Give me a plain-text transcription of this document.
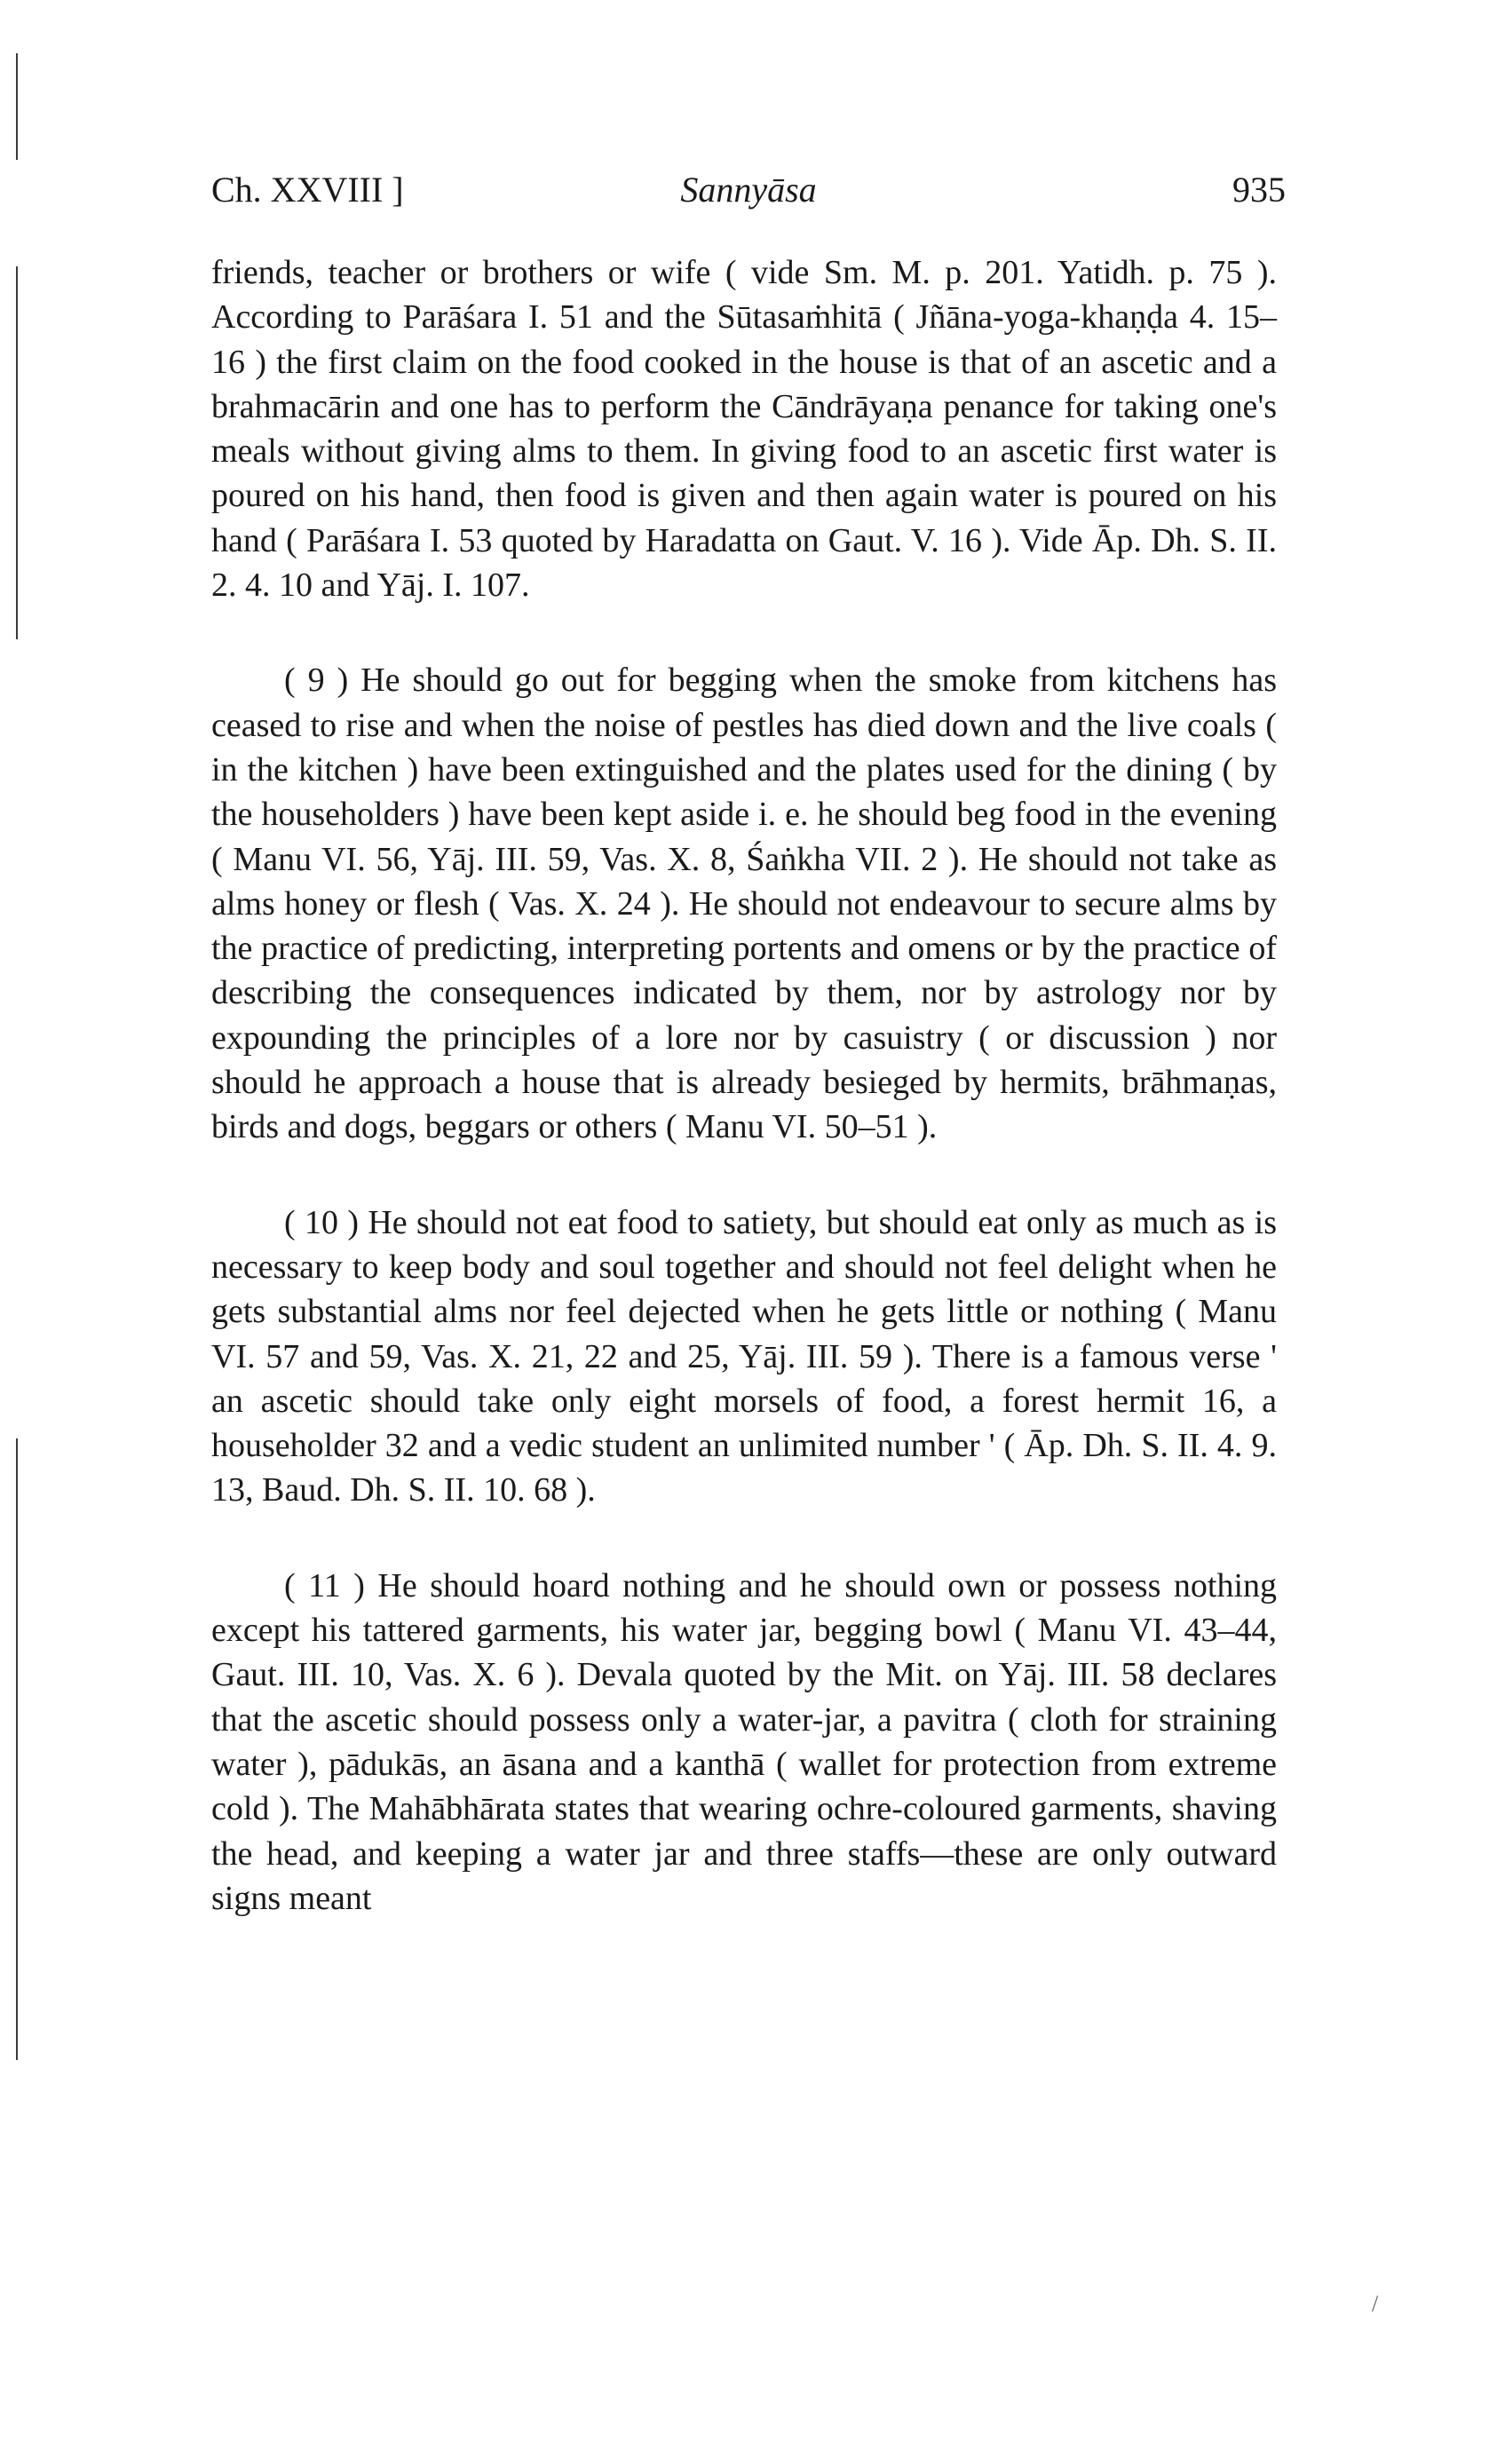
Ch. XXVIII ]	Sannyāsa	935

friends, teacher or brothers or wife ( vide Sm. M. p. 201. Yatidh. p. 75 ). According to Parāśara I. 51 and the Sūtasaṁhitā ( Jñāna-yoga-khaṇḍa 4. 15–16 ) the first claim on the food cooked in the house is that of an ascetic and a brahmacārin and one has to perform the Cāndrāyaṇa penance for taking one's meals without giving alms to them. In giving food to an ascetic first water is poured on his hand, then food is given and then again water is poured on his hand ( Parāśara I. 53 quoted by Haradatta on Gaut. V. 16 ). Vide Āp. Dh. S. II. 2. 4. 10 and Yāj. I. 107.

( 9 ) He should go out for begging when the smoke from kitchens has ceased to rise and when the noise of pestles has died down and the live coals ( in the kitchen ) have been extinguished and the plates used for the dining ( by the householders ) have been kept aside i. e. he should beg food in the evening ( Manu VI. 56, Yāj. III. 59, Vas. X. 8, Śaṅkha VII. 2 ). He should not take as alms honey or flesh ( Vas. X. 24 ). He should not endeavour to secure alms by the practice of predicting, interpreting portents and omens or by the practice of describing the consequences indicated by them, nor by astrology nor by expounding the principles of a lore nor by casuistry ( or discussion ) nor should he approach a house that is already besieged by hermits, brāhmaṇas, birds and dogs, beggars or others ( Manu VI. 50–51 ).

( 10 ) He should not eat food to satiety, but should eat only as much as is necessary to keep body and soul together and should not feel delight when he gets substantial alms nor feel dejected when he gets little or nothing ( Manu VI. 57 and 59, Vas. X. 21, 22 and 25, Yāj. III. 59 ). There is a famous verse ' an ascetic should take only eight morsels of food, a forest hermit 16, a householder 32 and a vedic student an unlimited number ' ( Āp. Dh. S. II. 4. 9. 13, Baud. Dh. S. II. 10. 68 ).

( 11 ) He should hoard nothing and he should own or possess nothing except his tattered garments, his water jar, begging bowl ( Manu VI. 43–44, Gaut. III. 10, Vas. X. 6 ). Devala quoted by the Mit. on Yāj. III. 58 declares that the ascetic should possess only a water-jar, a pavitra ( cloth for straining water ), pādukās, an āsana and a kanthā ( wallet for protection from extreme cold ). The Mahābhārata states that wearing ochre-coloured garments, shaving the head, and keeping a water jar and three staffs—these are only outward signs meant

/
